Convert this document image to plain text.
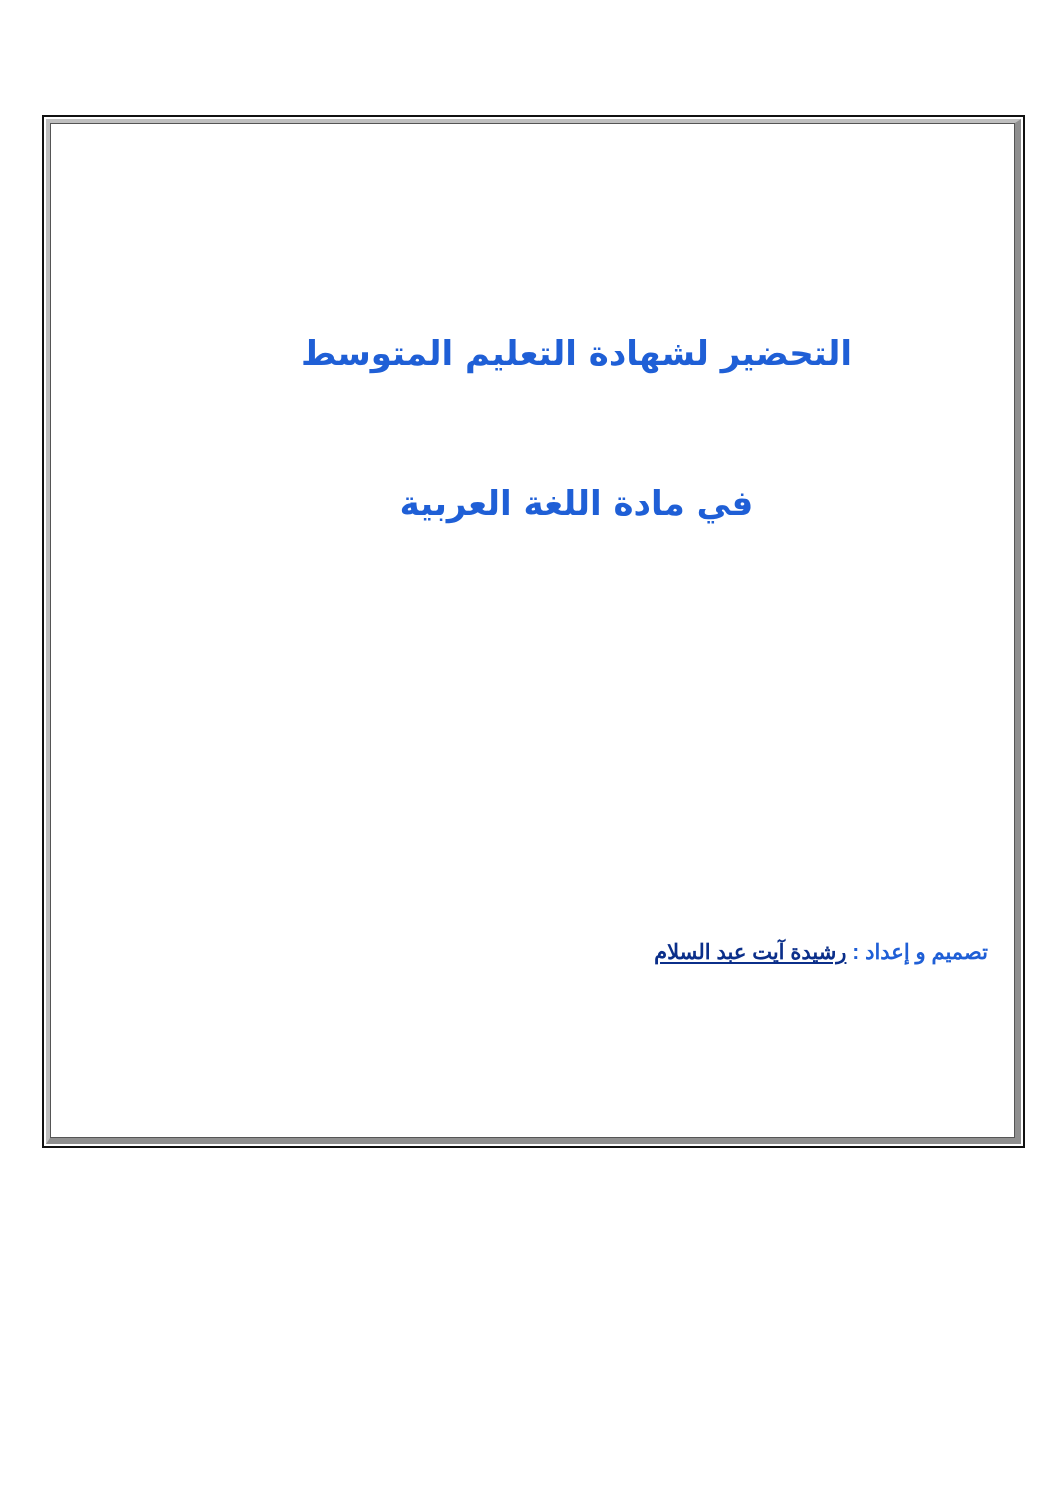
التحضير لشهادة التعليم المتوسط
في مادة اللغة العربية
تصميم و إعداد : رشيدة آيت عبد السلام
